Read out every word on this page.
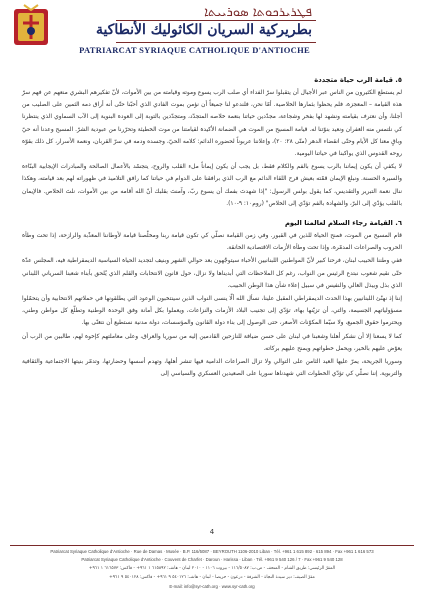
ܦܛܪܝܪܟܘܬܐ ܣܘܪܝܝܬܐ
بطريركية السريان الكاثوليك الأنطاكية
PATRIARCAT SYRIAQUE CATHOLIQUE D'ANTIOCHE
٥. قيامة الرب حياة متجددة

لم يستطع الكثيرون من الناس عبر الأجيال أن يتقبلوا سرّ الفداء أي صلب الرب يسوع وموته وقيامته من بين الأموات، لأنّ تفكيرهم البشري منعهم عن فهم سرّ هذه القيامة – المعجزة، فلم يحظوا بثمارها الخلاصية. أمّا نحن، فلندعو لنا جميعاً أن نؤمن بموت الفادي الذي أحبّنا حتّى أنه أراق دمه الثمين على الصليب من أجلنا، وأن نعترف بقيامته ونشهد لها بفخر وشجاعة، مجدّدين حياتنا بنعمة خلاصه المتجدّد، ومتجدّدين بالتوبة إلى العودة البنوية إلى الآب السماوي الذي ينتظرنا كي نلتمس منه الغفران ونعيد بنوّتنا له. قيامة المسيح من الموت هي الضمانة الأكيدة لقيامتنا من موت الخطيئة وتحرّرنا من عبودية الشرّ. المسيح وعدنا أنه حيّ وباقٍ معنا كل الأيام وحتّى انقضاء الدهر (متّى ٢٨: ٢٠)، وإعلاننا عربوناً لحضوره الدائم: كلامه الحيّ، وجسده ودمه في سرّ القربان، ونعمة الأسرار، كل ذلك بقوّة روحه القدوس الذي يواكبنا في حياتنا اليومية.

لا يكفي أن يكون إيماننا بالرب يسوع بالفم والكلام فقط، بل يجب أن يكون إيماناً ملء القلب والروح، يتجسّد بالأعمال الصالحة والمبادرات الإيجابية البنّاءة والسيرة الحسنة. ونبلغ الإيمان قمّته بعيش فرح اللقاء الدائم مع الرب الذي برافقنا على الدوام في حياتنا كما رافق التلاميذ في ظهوراته لهم بعد قيامته، وهكذا ننال نعمة التبرير والتقديس، كما يقول بولس الرسول: "إذا شهدتَ بفمك أن يسوع ربّ، وآمنتَ بقلبك أنّ الله أقامه من بين الأموات، نلتَ الخلاص. فالإيمان بالقلب يؤدّي إلى البرّ، والشهادة بالفم تؤدّي إلى الخلاص" (روم١٠: ٩-١٠).

٦. القيامة رجاء السلام لعالمنا اليوم

قام المسيح من الموت، فمنح الحياة للذين في القبور. وفي زمن القيامة نصلّي كي تكون قيامة ربنا ومخلّصنا قيامة لأوطاننا المعذّبة والرازحة، إذا تحت وطأة الحروب والصراعات المدمّرة، وإذا تحت وطأة الأزمات الاقتصادية الخانقة.

ففي وطننا الحبيب لبنان، فرحنا كبير لأنّ المواطنين اللبنانيين الأحباء سيتوجّهون بعد حوالي الشهر وبنيف لتجديد الحياة السياسية الديمقراطية فيه، المجلس عدّة حتّى نقيم شعوب نبتدع الرئيس من النواب، رغم كل الملاحظات التي أبديناها ولا نزال، حول قانون الانتخابات والقلم الذي يُلحق بأبناء شعبنا السرياني اللبناني الذي بذل وبيذل الغالي والنفيس في سبيل إعلاء شأن هذا الوطن الحبيب.

إننا إذ نهنّئ اللبنانيين بهذا الحدث الديمقراطي المقبل علينا، نسأل الله ألّا ينسى النواب الذين سينتخبون الوعود التي يطلقونها في حملاتهم الانتخابية وأن يتحمّلوا مسؤولياتهم الجسيمة، والتي، أن تزيّنها بهاء، تؤدّي إلى تجنيب البلاد الأزمات والنزاعات، ويعملوا بكل أمانة وفق الوحدة الوطنية وتطلّع كل مواطن وطني، ويحترموا حقوق الجميع، ولا سيّما المكوّنات الأصغر، حتى الوصول إلى بناء دولة القانون والمؤسسات، دولة مدنية نستطيع أن نتغنّى بها.

كما لا يسعنا إلا أن نشكر أهلنا وشعبنا في لبنان على حسن ضيافة للنازحين القادمين إليه من سوريا والعراق، وعلى معاملتهم كإخوة لهم، طالبين من الرب أن يعوّض عليهم بالخير، ويحمل خطواتهم ويمنح عليهم بركاته.

وسوريا الجريحة، يمرّ عليها العيد الثامن على التوالي ولا تزال الصراعات الدامية فيها تنشر أهلها، وتهدم أسسها وحضارتها، وتدمّر بنيتها الاجتماعية والثقافية والتربوية. إننا نصلّي كي تؤدّي الخطوات التي شهدناها سوريا على الصعيدين العسكري والسياسي إلى

4
Patriarcat Syriaque Catholique d'Antioche · Rue de Damas · Musée · B.P. 116/5087 · BEYROUTH 1106-2010 Liban · Tél. +961 1 615 892 · 615 894 · Fax +961 1 616 573
Patriarcat Syriaque Catholique d'Antioche · Couvent de Charfet · Daroun · Harissa · Liban · Tél. +961 9 540 126 / 7 · Fax +961 9 540 128
المقرّ الرئيسي: طريق الشام - المتحف - ص.ب: ١١٦/٥٠٨٧ - بيروت ١١٠٦ - ٢٠١٠ لبنان - هاتف: ٦١٥٨٩٢ ١ ٩٦١+ - فاكس: ٦١٦٥٧٣ ١ ٩٦١+
مقرّ الصيف: دير سيدة النجاة - الشرفة - درعون - حريصا - لبنان - هاتف: ٥٤٠١٢٦ ٩ ٩٦١+ - فاكس: ٥٤٠١٢٨ ٩ ٩٦١+
E-mail: info@syr-cath.org · www.syr-cath.org
